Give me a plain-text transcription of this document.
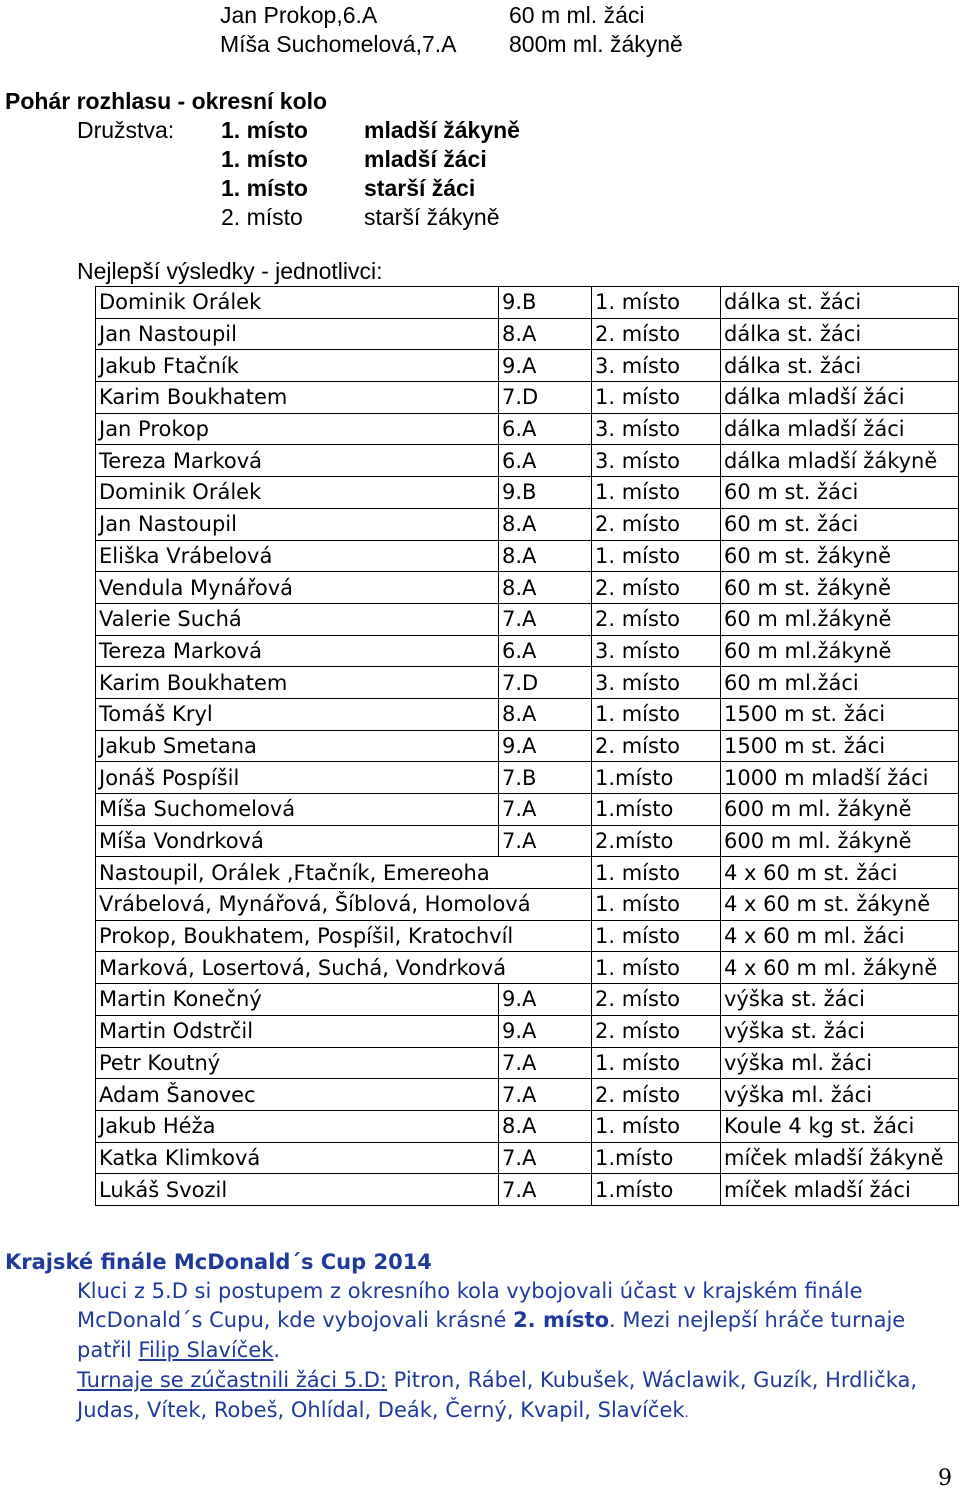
Jan Prokop,6.A	60 m ml. žáci
Míša Suchomelová,7.A 800m ml. žákyně
Pohár rozhlasu - okresní kolo
Družstva: 1. místo mladší žákyně
1. místo mladší žáci
1. místo starší žáci
2. místo	starší žákyně
Nejlepší výsledky - jednotlivci:
Dominik Orálek	9.B	1. místo	dálka st. žáci
Jan Nastoupil	8.A	2. místo	dálka st. žáci
Jakub Ftačník	9.A	3. místo	dálka st. žáci
Karim Boukhatem	7.D	1. místo	dálka mladší žáci
Jan Prokop	6.A	3. místo	dálka mladší žáci
Tereza Marková	6.A	3. místo	dálka mladší žákyně
Dominik Orálek	9.B	1. místo	60 m st. žáci
Jan Nastoupil	8.A	2. místo	60 m st. žáci
Eliška Vrábelová	8.A	1. místo	60 m st. žákyně
Vendula Mynářová	8.A	2. místo	60 m st. žákyně
Valerie Suchá	7.A	2. místo	60 m ml.žákyně
Tereza Marková	6.A	3. místo	60 m ml.žákyně
Karim Boukhatem	7.D	3. místo	60 m ml.žáci
Tomáš Kryl	8.A	1. místo	1500 m st. žáci
Jakub Smetana	9.A	2. místo	1500 m st. žáci
Jonáš Pospíšil	7.B	1.místo	1000 m mladší žáci
Míša Suchomelová	7.A	1.místo	600 m ml. žákyně
Míša Vondrková	7.A	2.místo	600 m ml. žákyně
Nastoupil, Orálek ,Ftačník, Emereoha		1. místo	4 x 60 m st. žáci
Vrábelová, Mynářová, Šíblová, Homolová		1. místo	4 x 60 m st. žákyně
Prokop, Boukhatem, Pospíšil, Kratochvíl		1. místo	4 x 60 m ml. žáci
Marková, Losertová, Suchá, Vondrková		1. místo	4 x 60 m ml. žákyně
Martin Konečný	9.A	2. místo	výška st. žáci
Martin Odstrčil	9.A	2. místo	výška st. žáci
Petr Koutný	7.A	1. místo	výška ml. žáci
Adam Šanovec	7.A	2. místo	výška ml. žáci
Jakub Héža	8.A	1. místo	Koule 4 kg st. žáci
Katka Klimková	7.A	1.místo	míček mladší žákyně
Lukáš Svozil	7.A	1.místo	míček mladší žáci
Krajské finále McDonald´s Cup 2014
Kluci z 5.D si postupem z okresního kola vybojovali účast v krajském finále
McDonald´s Cupu, kde vybojovali krásné 2. místo. Mezi nejlepší hráče turnaje
patřil Filip Slavíček.
Turnaje se zúčastnili žáci 5.D: Pitron, Rábel, Kubušek, Wáclawik, Guzík, Hrdlička,
Judas, Vítek, Robeš, Ohlídal, Deák, Černý, Kvapil, Slavíček.
9
